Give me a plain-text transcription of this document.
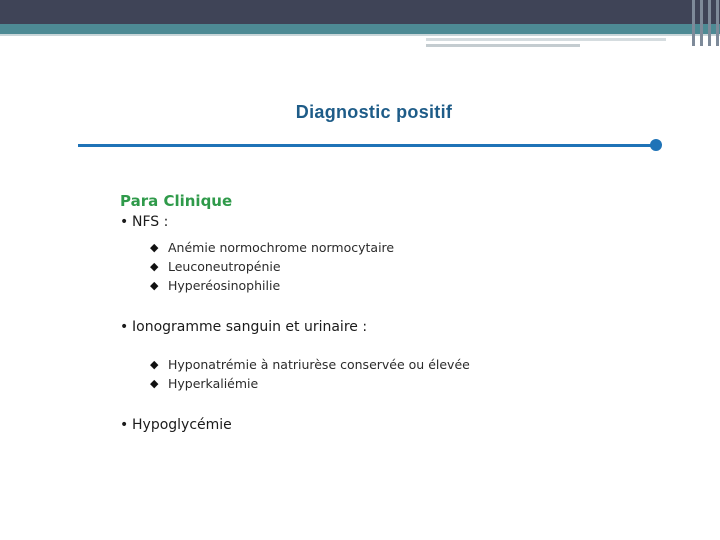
Diagnostic positif
Para Clinique
• NFS :
◆ Anémie normochrome normocytaire
◆ Leuconeutropénie
◆ Hyperéosinophilie
• Ionogramme sanguin et urinaire :
◆ Hyponatrémie à natriurèse conservée ou élevée
◆ Hyperkaliémie
• Hypoglycémie
